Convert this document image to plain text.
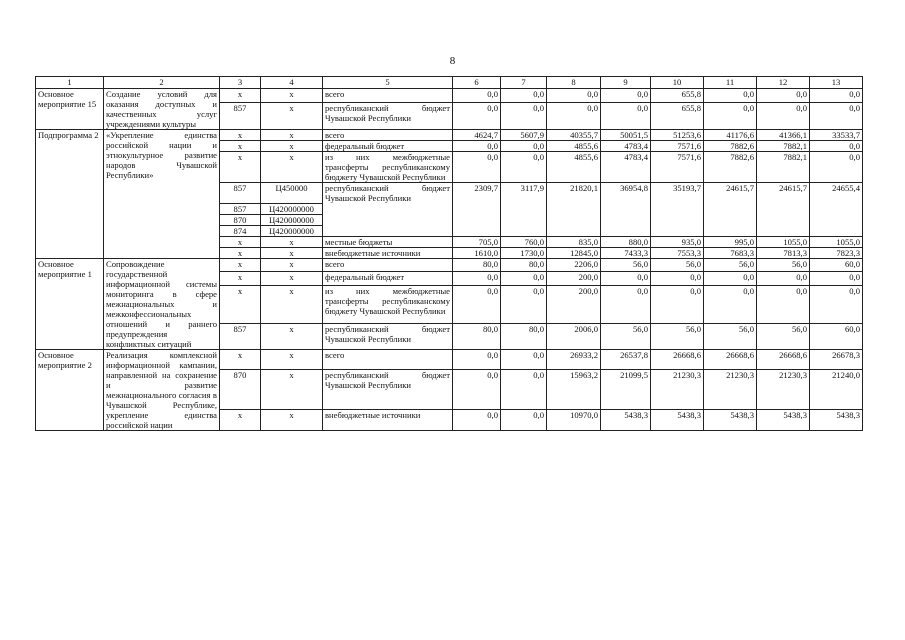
8
1	2	3	4	5	6	7	8	9	10	11	12	13
Основное мероприятие 15	Создание условий для оказания доступных и качественных услуг учреждениями культуры	x	x	всего	0,0	0,0	0,0	0,0	655,8	0,0	0,0	0,0
		857	x	республиканский бюджет Чувашской Республики	0,0	0,0	0,0	0,0	655,8	0,0	0,0	0,0
Подпрограмма 2	«Укрепление единства российской нации и этнокультурное развитие народов Чувашской Республики»	x	x	всего	4624,7	5607,9	40355,7	50051,5	51253,6	41176,6	41366,1	33533,7
		x	x	федеральный бюджет	0,0	0,0	4855,6	4783,4	7571,6	7882,6	7882,1	0,0
		x	x	из них межбюджетные трансферты республиканскому бюджету Чувашской Республики	0,0	0,0	4855,6	4783,4	7571,6	7882,6	7882,1	0,0
		857	Ц450000	республиканский бюджет Чувашской Республики	2309,7	3117,9	21820,1	36954,8	35193,7	24615,7	24615,7	24655,4
		857	Ц420000000									
		870	Ц420000000									
		874	Ц420000000									
		x	x	местные бюджеты	705,0	760,0	835,0	880,0	935,0	995,0	1055,0	1055,0
		x	x	внебюджетные источники	1610,0	1730,0	12845,0	7433,3	7553,3	7683,3	7813,3	7823,3
Основное мероприятие 1	Сопровождение государственной информационной системы мониторинга в сфере межнациональных и межконфессиональных отношений и раннего предупреждения конфликтных ситуаций	x	x	всего	80,0	80,0	2206,0	56,0	56,0	56,0	56,0	60,0
		x	x	федеральный бюджет	0,0	0,0	200,0	0,0	0,0	0,0	0,0	0,0
		x	x	из них межбюджетные трансферты республиканскому бюджету Чувашской Республики	0,0	0,0	200,0	0,0	0,0	0,0	0,0	0,0
		857	x	республиканский бюджет Чувашской Республики	80,0	80,0	2006,0	56,0	56,0	56,0	56,0	60,0
Основное мероприятие 2	Реализация комплексной информационной кампании, направленной на сохранение и развитие межнационального согласия в Чувашской Республике, укрепление единства российской нации	x	x	всего	0,0	0,0	26933,2	26537,8	26668,6	26668,6	26668,6	26678,3
		870	x	республиканский бюджет Чувашской Республики	0,0	0,0	15963,2	21099,5	21230,3	21230,3	21230,3	21240,0
		x	x	внебюджетные источники	0,0	0,0	10970,0	5438,3	5438,3	5438,3	5438,3	5438,3
